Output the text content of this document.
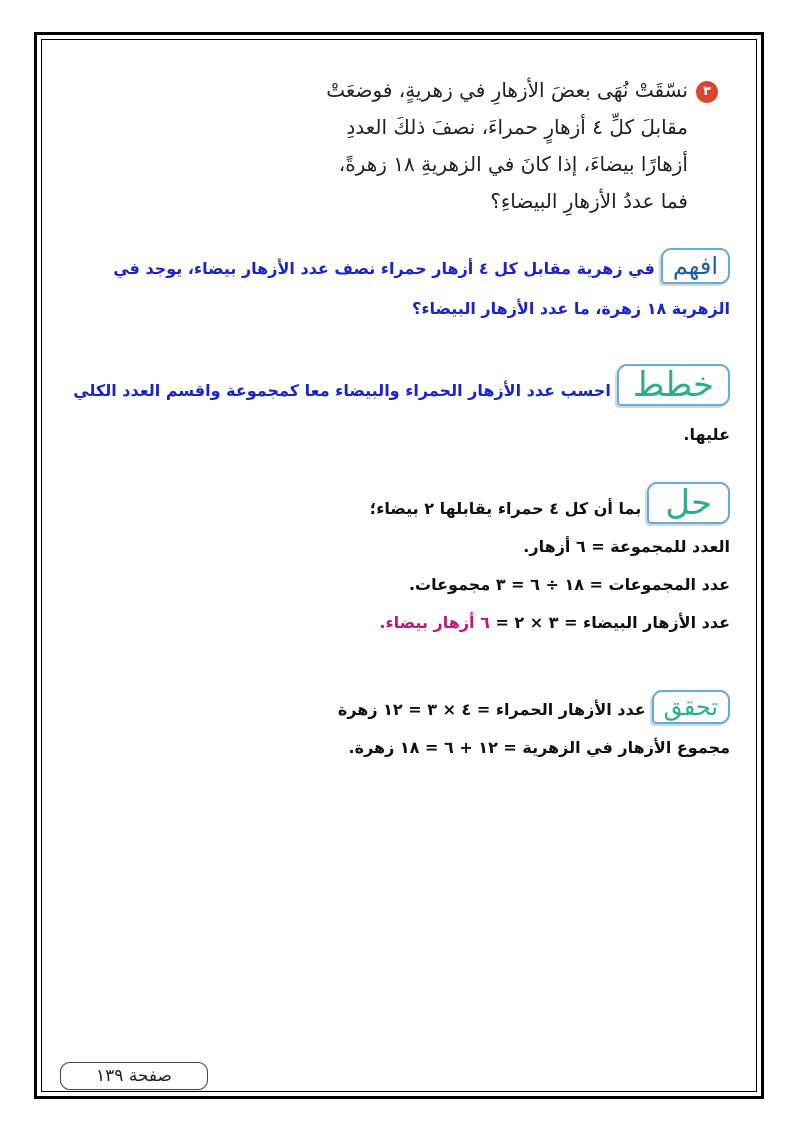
٣نسّقَتْ نُهَى بعضَ الأزهارِ في زهريةٍ، فوضعَتْ
مقابلَ كلِّ ٤ أزهارٍ حمراءَ، نصفَ ذلكَ العددِ
أزهارًا بيضاءَ، إذا كانَ في الزهريةِ ١٨ زهرةً،
فما عددُ الأزهارِ البيضاءِ؟
افهمفي زهرية مقابل كل ٤ أزهار حمراء نصف عدد الأزهار بيضاء، يوجد في
الزهرية ١٨ زهرة، ما عدد الأزهار البيضاء؟
خططاحسب عدد الأزهار الحمراء والبيضاء معا كمجموعة واقسم العدد الكلي
عليها.
حلبما أن كل ٤ حمراء يقابلها ٢ بيضاء؛
العدد للمجموعة = ٦ أزهار.
عدد المجموعات = ١٨ ÷ ٦ = ٣ مجموعات.
عدد الأزهار البيضاء = ٣ × ٢ = ٦ أزهار بيضاء.
تحققعدد الأزهار الحمراء = ٤ × ٣ = ١٢ زهرة
مجموع الأزهار في الزهرية = ١٢ + ٦ = ١٨ زهرة.
صفحة ١٣٩
